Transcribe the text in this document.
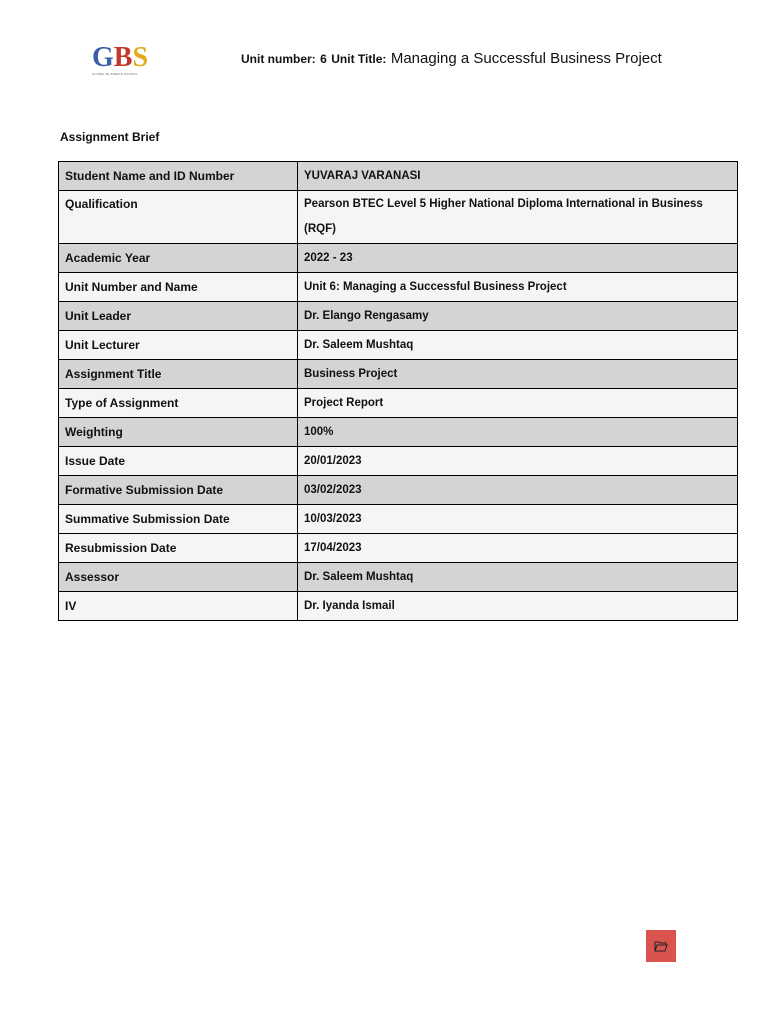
GBS
GLOBAL BUSINESS SCHOOL
Unit number: 6 Unit Title: Managing a Successful Business Project
Assignment Brief
Student Name and ID Number	YUVARAJ VARANASI
Qualification	Pearson BTEC Level 5 Higher National Diploma International in Business (RQF)
Academic Year	2022 - 23
Unit Number and Name	Unit 6: Managing a Successful Business Project
Unit Leader	Dr. Elango Rengasamy
Unit Lecturer	Dr. Saleem Mushtaq
Assignment Title	Business Project
Type of Assignment	Project Report
Weighting	100%
Issue Date	20/01/2023
Formative Submission Date	03/02/2023
Summative Submission Date	10/03/2023
Resubmission Date	17/04/2023
Assessor	Dr. Saleem Mushtaq
IV	Dr. Iyanda Ismail
